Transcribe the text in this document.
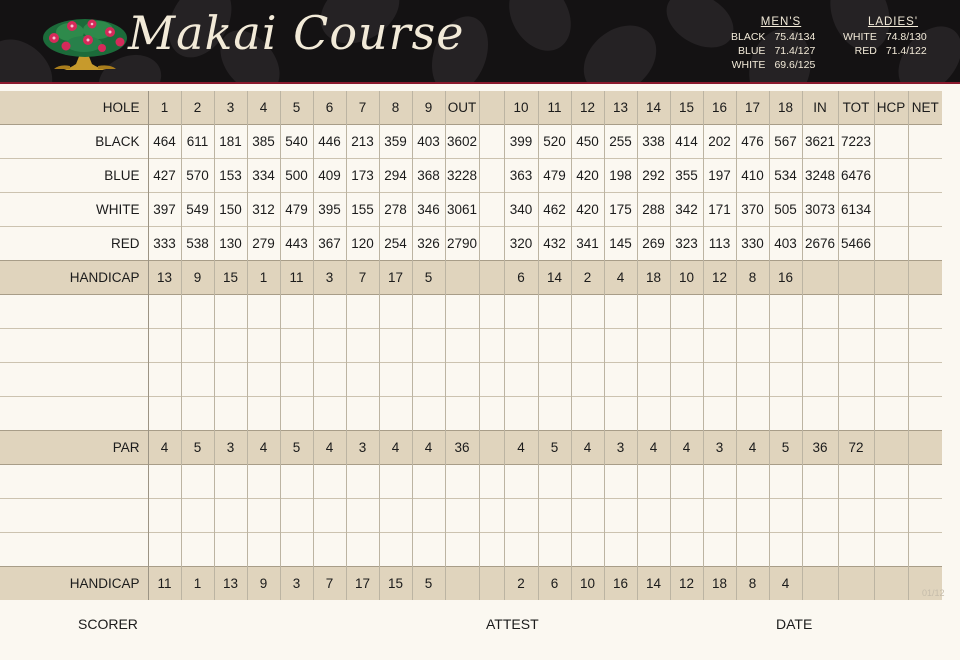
Makai Course	MEN'S
BLACK	75.4/134
BLUE	71.4/127
WHITE	69.6/125
LADIES'
WHITE	74.8/130
RED	71.4/122
HOLE	1	2	3	4	5	6	7	8	9	OUT		10	11	12	13	14	15	16	17	18	IN	TOT	HCP	NET
BLACK	464	611	181	385	540	446	213	359	403	3602		399	520	450	255	338	414	202	476	567	3621	7223		
BLUE	427	570	153	334	500	409	173	294	368	3228		363	479	420	198	292	355	197	410	534	3248	6476		
WHITE	397	549	150	312	479	395	155	278	346	3061		340	462	420	175	288	342	171	370	505	3073	6134		
RED	333	538	130	279	443	367	120	254	326	2790		320	432	341	145	269	323	113	330	403	2676	5466		
HANDICAP	13	9	15	1	11	3	7	17	5			6	14	2	4	18	10	12	8	16				

PAR	4	5	3	4	5	4	3	4	4	36		4	5	4	3	4	4	3	4	5	36	72		

HANDICAP	11	1	13	9	3	7	17	15	5			2	6	10	16	14	12	18	8	4				
SCORER	ATTEST	DATE
01/12
